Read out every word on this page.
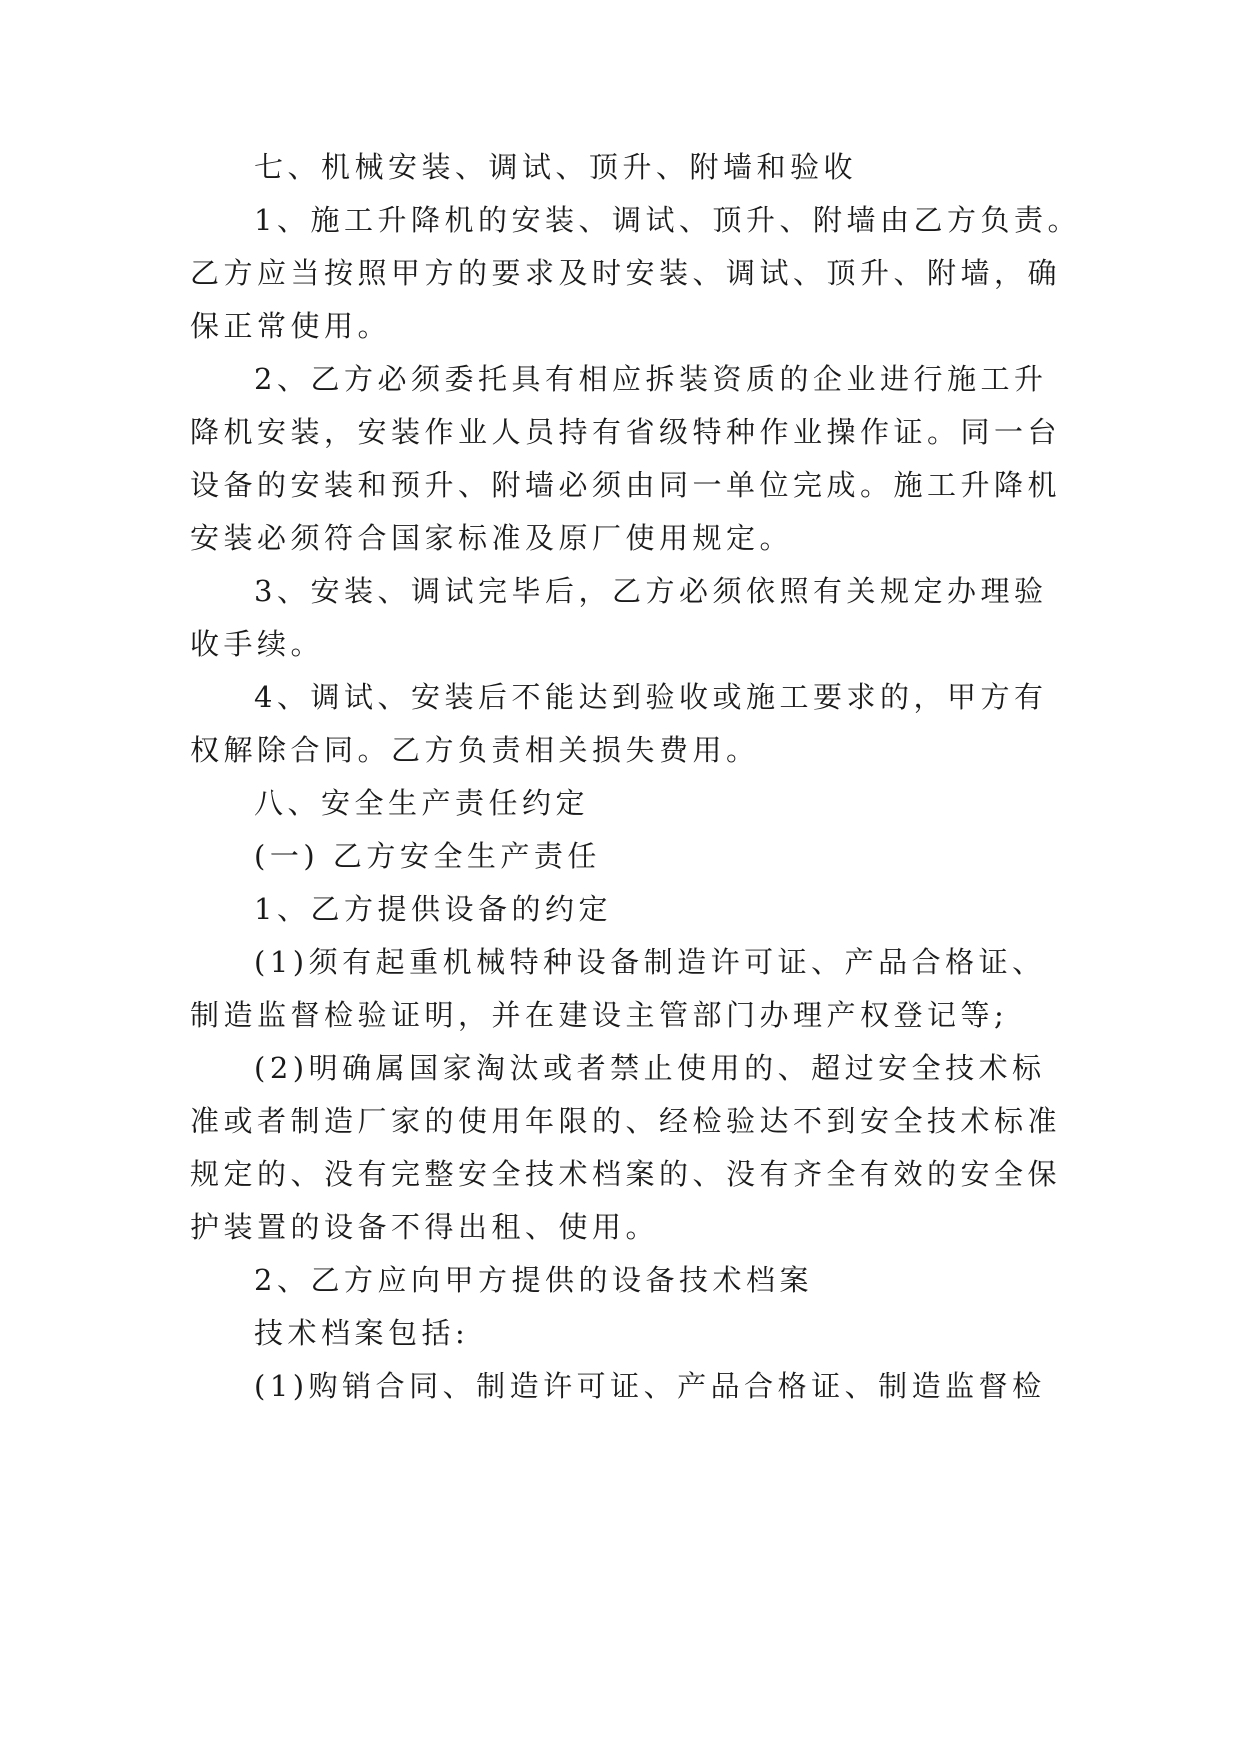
七、机械安装、调试、顶升、附墙和验收
1、施工升降机的安装、调试、顶升、附墙由乙方负责。
乙方应当按照甲方的要求及时安装、调试、顶升、附墙，确
保正常使用。
2、乙方必须委托具有相应拆装资质的企业进行施工升
降机安装，安装作业人员持有省级特种作业操作证。同一台
设备的安装和预升、附墙必须由同一单位完成。施工升降机
安装必须符合国家标准及原厂使用规定。
3、安装、调试完毕后，乙方必须依照有关规定办理验
收手续。
4、调试、安装后不能达到验收或施工要求的，甲方有
权解除合同。乙方负责相关损失费用。
八、安全生产责任约定
(一) 乙方安全生产责任
1、乙方提供设备的约定
(1)须有起重机械特种设备制造许可证、产品合格证、
制造监督检验证明，并在建设主管部门办理产权登记等;
(2)明确属国家淘汰或者禁止使用的、超过安全技术标
准或者制造厂家的使用年限的、经检验达不到安全技术标准
规定的、没有完整安全技术档案的、没有齐全有效的安全保
护装置的设备不得出租、使用。
2、乙方应向甲方提供的设备技术档案
技术档案包括:
(1)购销合同、制造许可证、产品合格证、制造监督检
